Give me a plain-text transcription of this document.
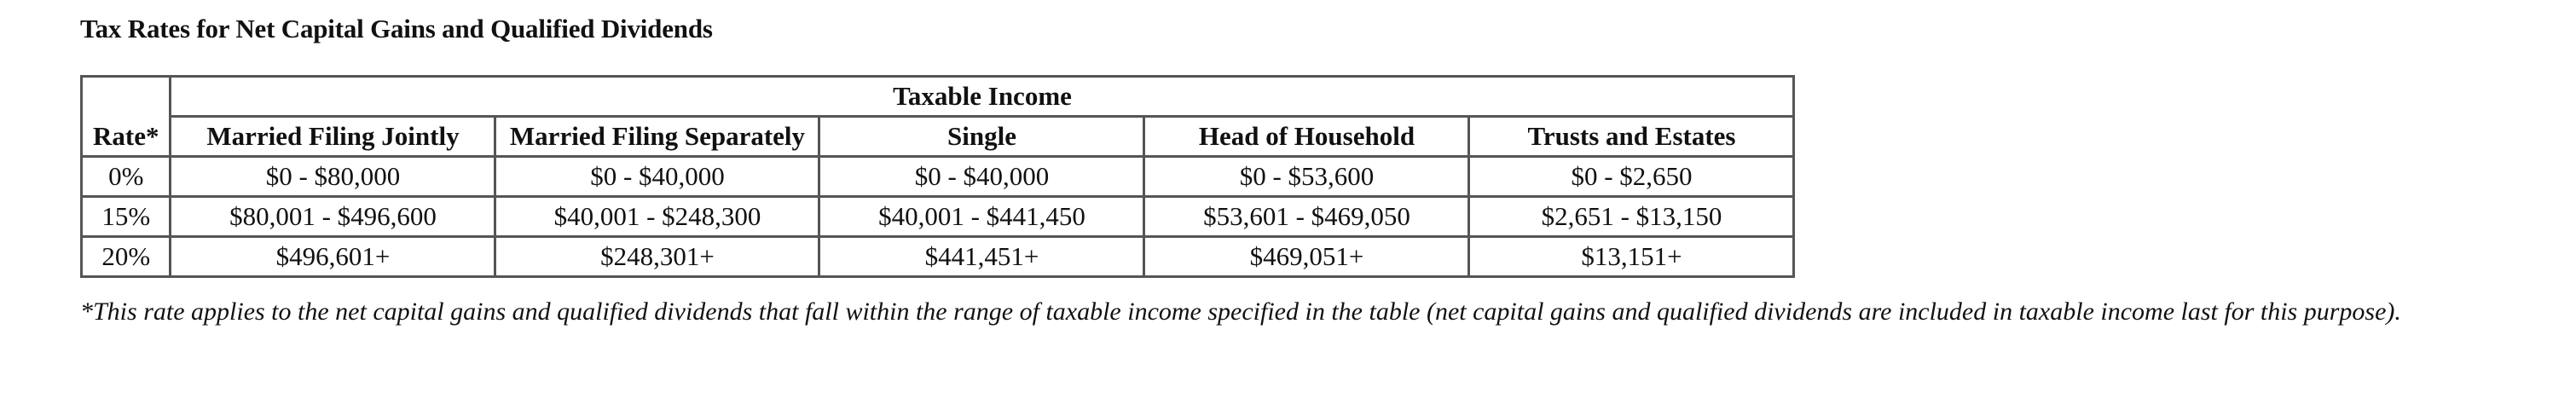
Tax Rates for Net Capital Gains and Qualified Dividends
Rate*	Taxable Income				
	Married Filing Jointly	Married Filing Separately	Single	Head of Household	Trusts and Estates
0%	$0 - $80,000	$0 - $40,000	$0 - $40,000	$0 - $53,600	$0 - $2,650
15%	$80,001 - $496,600	$40,001 - $248,300	$40,001 - $441,450	$53,601 - $469,050	$2,651 - $13,150
20%	$496,601+	$248,301+	$441,451+	$469,051+	$13,151+

*This rate applies to the net capital gains and qualified dividends that fall within the range of taxable income specified in the table (net capital gains and qualified dividends are included in taxable income last for this purpose).
